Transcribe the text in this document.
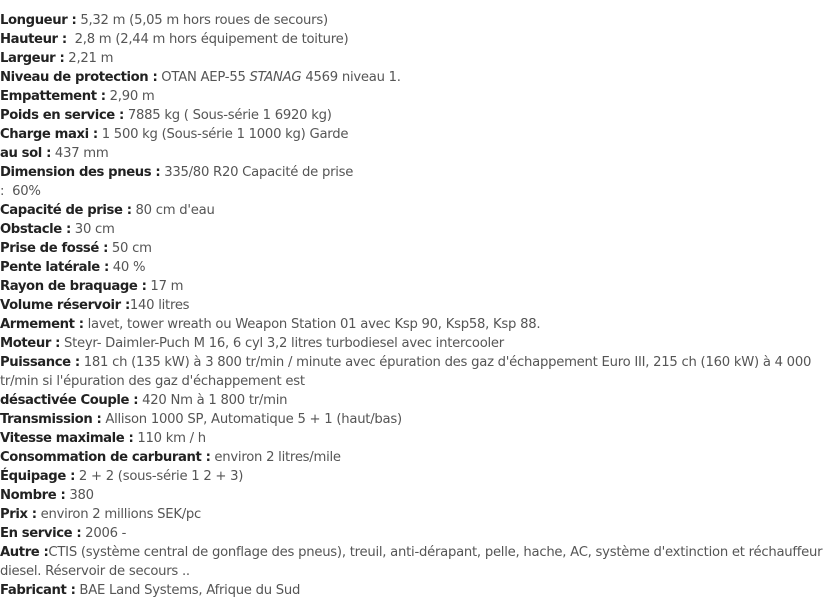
Longueur : 5,32 m (5,05 m hors roues de secours)
Hauteur :  2,8 m (2,44 m hors équipement de toiture)
Largeur : 2,21 m
Niveau de protection : OTAN AEP-55 STANAG 4569 niveau 1.
Empattement : 2,90 m
Poids en service : 7885 kg ( Sous-série 1 6920 kg)
Charge maxi : 1 500 kg (Sous-série 1 1000 kg) Garde
au sol : 437 mm
Dimension des pneus : 335/80 R20 Capacité de prise
:  60%
Capacité de prise : 80 cm d'eau
Obstacle : 30 cm
Prise de fossé : 50 cm
Pente latérale : 40 %
Rayon de braquage : 17 m
Volume réservoir :140 litres
Armement : lavet, tower wreath ou Weapon Station 01 avec Ksp 90, Ksp58, Ksp 88.
Moteur : Steyr- Daimler-Puch M 16, 6 cyl 3,2 litres turbodiesel avec intercooler
Puissance : 181 ch (135 kW) à 3 800 tr/min / minute avec épuration des gaz d'échappement Euro III, 215 ch (160 kW) à 4 000 tr/min si l'épuration des gaz d'échappement est
désactivée Couple : 420 Nm à 1 800 tr/min
Transmission : Allison 1000 SP, Automatique 5 + 1 (haut/bas)
Vitesse maximale : 110 km / h
Consommation de carburant : environ 2 litres/mile
Équipage : 2 + 2 (sous-série 1 2 + 3)
Nombre : 380
Prix : environ 2 millions SEK/pc
En service : 2006 -
Autre :CTIS (système central de gonflage des pneus), treuil, anti-dérapant, pelle, hache, AC, système d'extinction et réchauffeur diesel. Réservoir de secours ..
Fabricant : BAE Land Systems, Afrique du Sud
